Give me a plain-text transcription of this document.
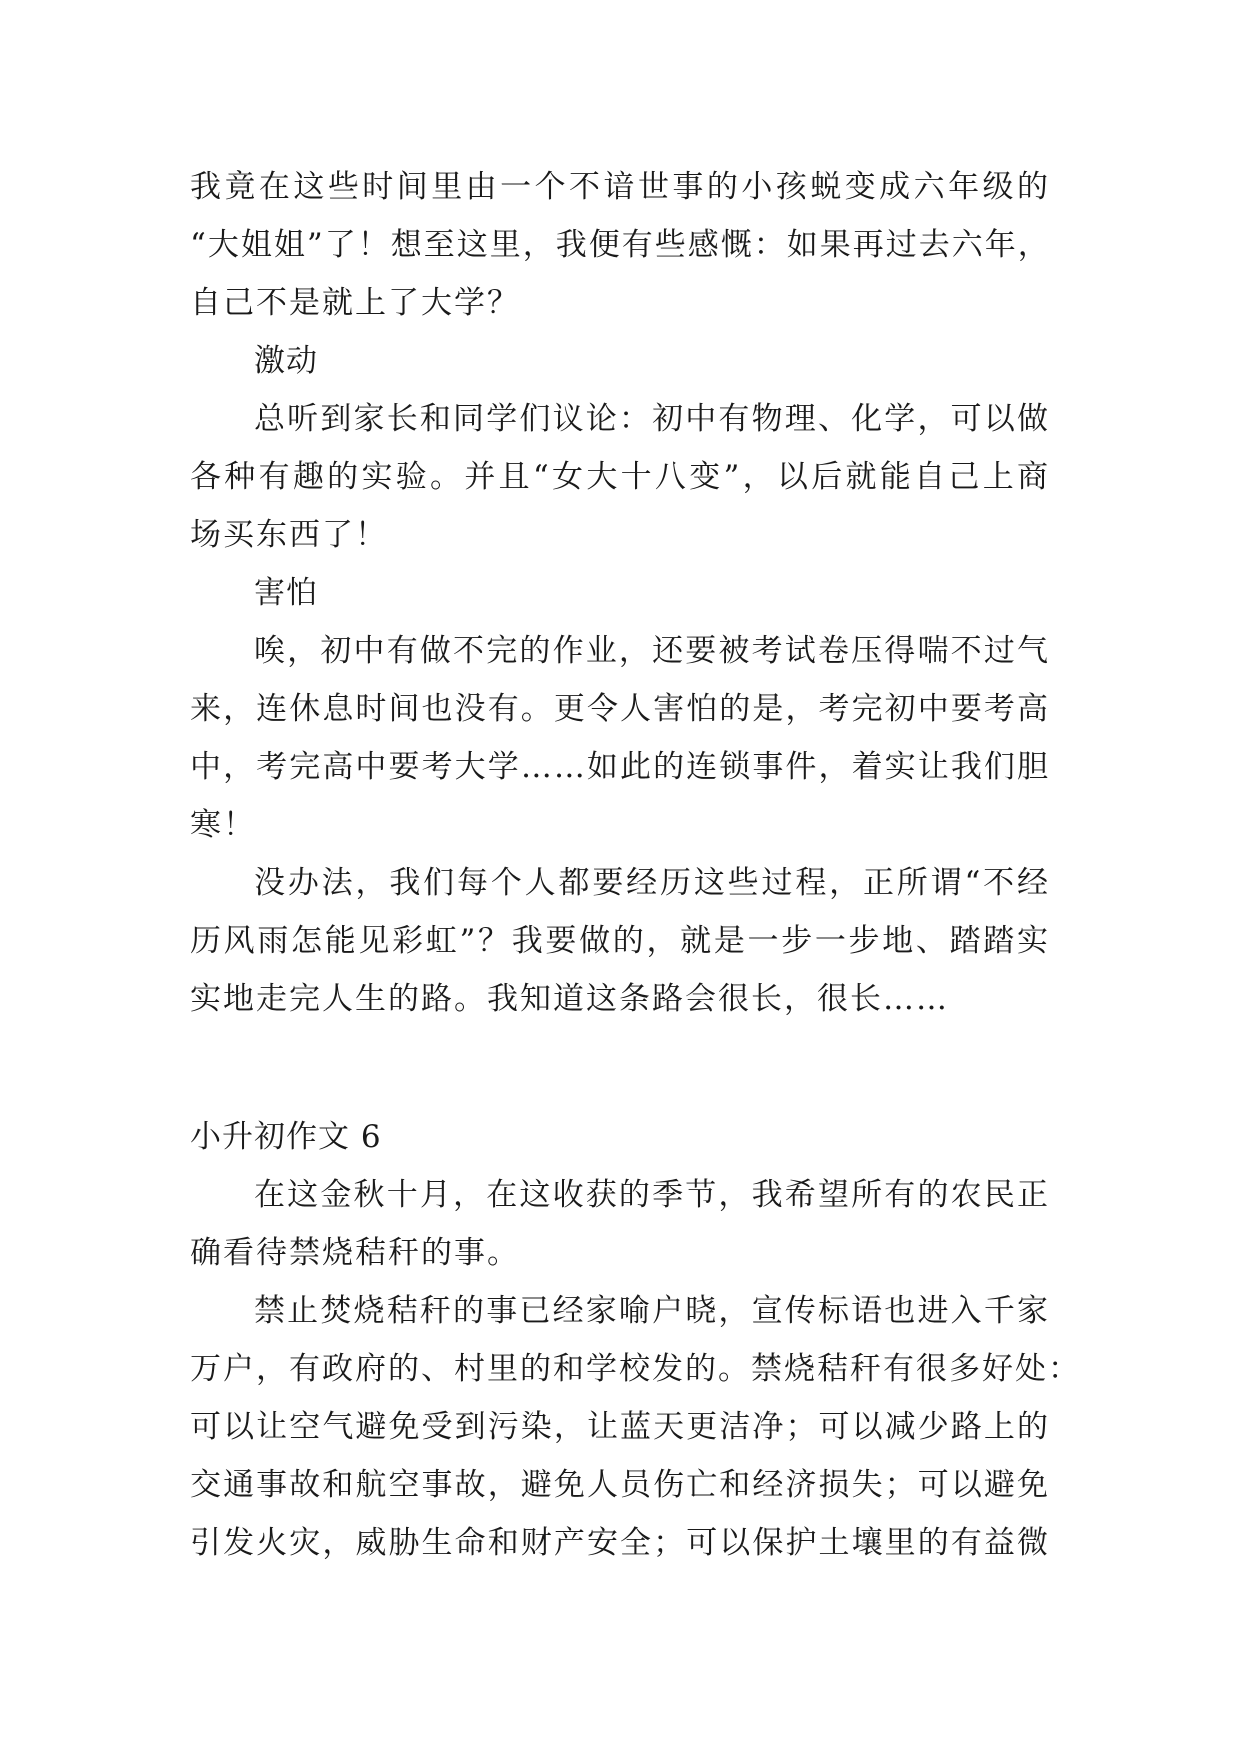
我竟在这些时间里由一个不谙世事的小孩蜕变成六年级的
“大姐姐”了！想至这里，我便有些感慨：如果再过去六年，
自己不是就上了大学？
激动
总听到家长和同学们议论：初中有物理、化学，可以做
各种有趣的实验。并且“女大十八变”，以后就能自己上商
场买东西了！
害怕
唉，初中有做不完的作业，还要被考试卷压得喘不过气
来，连休息时间也没有。更令人害怕的是，考完初中要考高
中，考完高中要考大学……如此的连锁事件，着实让我们胆
寒！
没办法，我们每个人都要经历这些过程，正所谓“不经
历风雨怎能见彩虹”？我要做的，就是一步一步地、踏踏实
实地走完人生的路。我知道这条路会很长，很长……
小升初作文 6
在这金秋十月，在这收获的季节，我希望所有的农民正
确看待禁烧秸秆的事。
禁止焚烧秸秆的事已经家喻户晓，宣传标语也进入千家
万户，有政府的、村里的和学校发的。禁烧秸秆有很多好处：
可以让空气避免受到污染，让蓝天更洁净；可以减少路上的
交通事故和航空事故，避免人员伤亡和经济损失；可以避免
引发火灾，威胁生命和财产安全；可以保护土壤里的有益微
